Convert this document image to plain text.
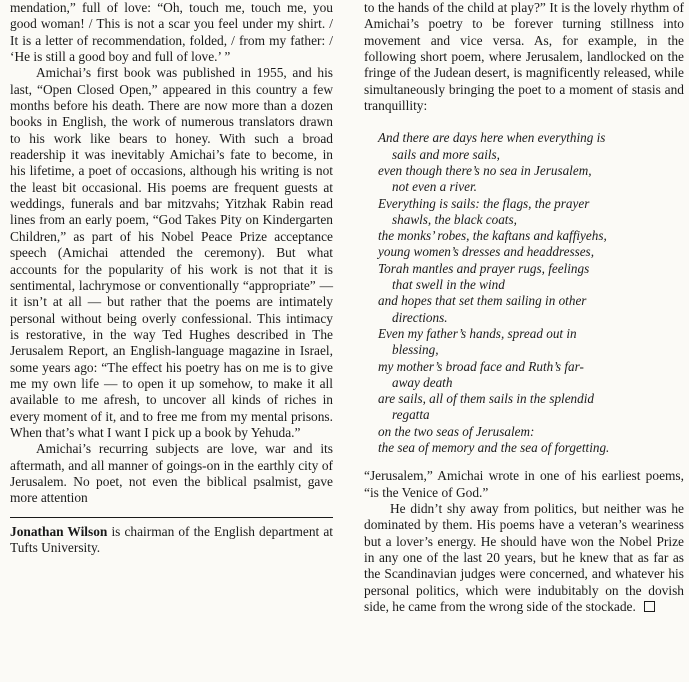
mendation,” full of love: “Oh, touch me, touch me, you good woman! / This is not a scar you feel under my shirt. / It is a letter of recommendation, folded, / from my father: / ‘He is still a good boy and full of love.’ ”

Amichai’s first book was published in 1955, and his last, “Open Closed Open,” appeared in this country a few months before his death. There are now more than a dozen books in English, the work of numerous translators drawn to his work like bears to honey. With such a broad readership it was inevitably Amichai’s fate to become, in his lifetime, a poet of occasions, although his writing is not the least bit occasional. His poems are frequent guests at weddings, funerals and bar mitzvahs; Yitzhak Rabin read lines from an early poem, “God Takes Pity on Kindergarten Children,” as part of his Nobel Peace Prize acceptance speech (Amichai attended the ceremony). But what accounts for the popularity of his work is not that it is sentimental, lachrymose or conventionally “appropriate” — it isn’t at all — but rather that the poems are intimately personal without being overly confessional. This intimacy is restorative, in the way Ted Hughes described in The Jerusalem Report, an English-language magazine in Israel, some years ago: “The effect his poetry has on me is to give me my own life — to open it up somehow, to make it all available to me afresh, to uncover all kinds of riches in every moment of it, and to free me from my mental prisons. When that’s what I want I pick up a book by Yehuda.”

Amichai’s recurring subjects are love, war and its aftermath, and all manner of goings-on in the earthly city of Jerusalem. No poet, not even the biblical psalmist, gave more attention

Jonathan Wilson is chairman of the English department at Tufts University.

to the hands of the child at play?” It is the lovely rhythm of Amichai’s poetry to be forever turning stillness into movement and vice versa. As, for example, in the following short poem, where Jerusalem, landlocked on the fringe of the Judean desert, is magnificently released, while simultaneously bringing the poet to a moment of stasis and tranquillity:

And there are days here when everything is

sails and more sails,

even though there’s no sea in Jerusalem,

not even a river.

Everything is sails: the flags, the prayer

shawls, the black coats,

the monks’ robes, the kaftans and kaffiyehs,

young women’s dresses and headdresses,

Torah mantles and prayer rugs, feelings

that swell in the wind

and hopes that set them sailing in other

directions.

Even my father’s hands, spread out in

blessing,

my mother’s broad face and Ruth’s far-

away death

are sails, all of them sails in the splendid

regatta

on the two seas of Jerusalem:

the sea of memory and the sea of forgetting.

“Jerusalem,” Amichai wrote in one of his earliest poems, “is the Venice of God.”

He didn’t shy away from politics, but neither was he dominated by them. His poems have a veteran’s weariness but a lover’s energy. He should have won the Nobel Prize in any one of the last 20 years, but he knew that as far as the Scandinavian judges were concerned, and whatever his personal politics, which were indubitably on the dovish side, he came from the wrong side of the stockade.
